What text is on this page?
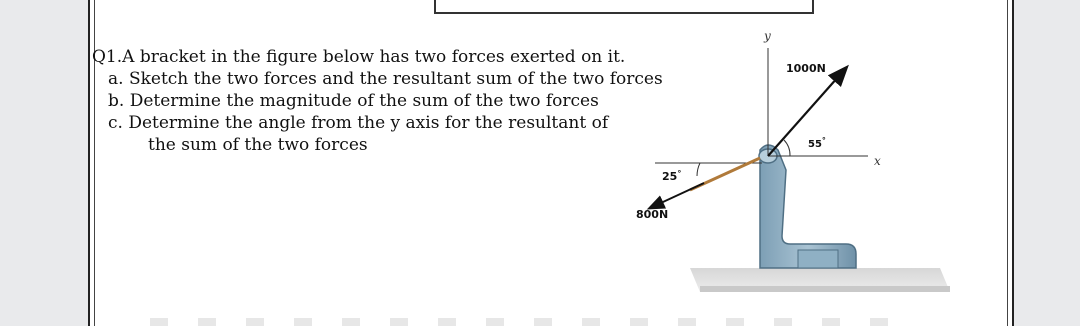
Q1.A bracket in the figure below has two forces exerted on it.
a. Sketch the two forces and the resultant sum of the two forces
b. Determine the magnitude of the sum of the two forces
c. Determine the angle from the y axis for the resultant of
the sum of the two forces
y
x
1000N
55°
25°
800N
